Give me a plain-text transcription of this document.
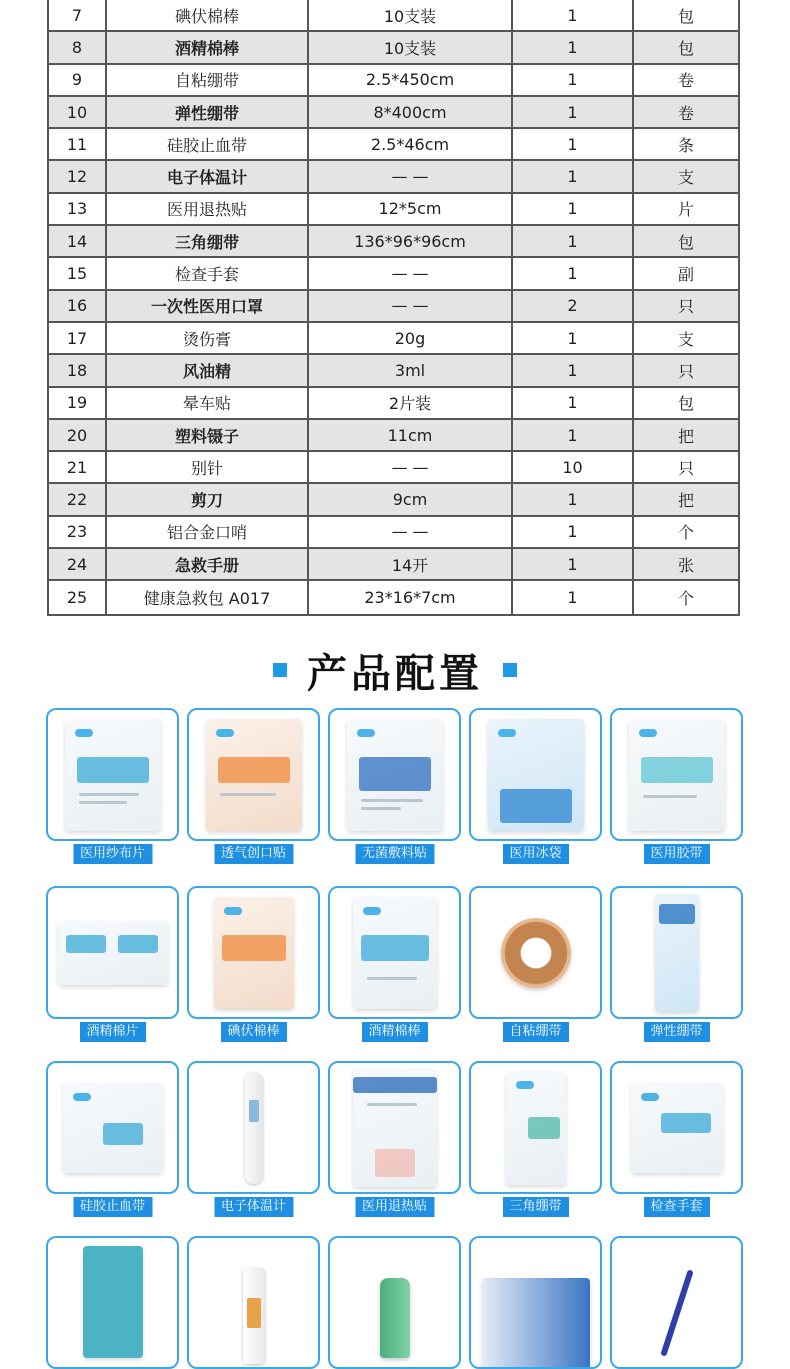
7	碘伏棉棒	10支装	1	包
8	酒精棉棒	10支装	1	包
9	自粘绷带	2.5*450cm	1	卷
10	弹性绷带	8*400cm	1	卷
11	硅胶止血带	2.5*46cm	1	条
12	电子体温计	— —	1	支
13	医用退热贴	12*5cm	1	片
14	三角绷带	136*96*96cm	1	包
15	检查手套	— —	1	副
16	一次性医用口罩	— —	2	只
17	烫伤膏	20g	1	支
18	风油精	3ml	1	只
19	晕车贴	2片装	1	包
20	塑料镊子	11cm	1	把
21	别针	— —	10	只
22	剪刀	9cm	1	把
23	铝合金口哨	— —	1	个
24	急救手册	14开	1	张
25	健康急救包 A017	23*16*7cm	1	个
产品配置
医用纱布片	透气创口贴	无菌敷料贴	医用冰袋	医用胶带
酒精棉片	碘伏棉棒	酒精棉棒	自粘绷带	弹性绷带
硅胶止血带	电子体温计	医用退热贴	三角绷带	检查手套
